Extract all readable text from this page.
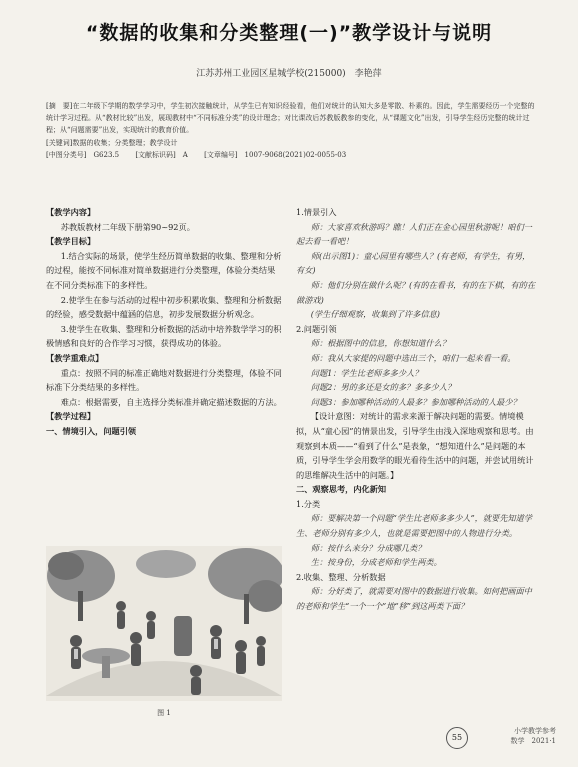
“数据的收集和分类整理(一)”教学设计与说明
江苏苏州工业园区星城学校(215000)　李艳萍

[摘　要]在二年级下学期的数学学习中，学生初次接触统计，从学生已有知识经验看，他们对统计的认知大多是零散、朴素的。因此，学生需要经历一个完整的统计学习过程。从“教材比较”出发，展现教材中“不同标准分类”的设计理念；对比课改后苏教版教参的变化，从“课题文化”出发，引导学生经历完整的统计过程；从“问题需要”出发，实现统计的教育价值。

[关键词]数据的收集；分类整理；教学设计

[中图分类号]　G623.5 [文献标识码]　A [文章编号]　1007-9068(2021)02-0055-03

【教学内容】

苏教版教材二年级下册第90~92页。

【教学目标】

1.结合实际的场景，使学生经历简单数据的收集、整理和分析的过程，能按不同标准对简单数据进行分类整理，体验分类结果在不同分类标准下的多样性。

2.使学生在参与活动的过程中初步积累收集、整理和分析数据的经验，感受数据中蕴涵的信息，初步发展数据分析观念。

3.使学生在收集、整理和分析数据的活动中培养数学学习的积极情感和良好的合作学习习惯，获得成功的体验。

【教学重难点】

重点：按照不同的标准正确地对数据进行分类整理，体验不同标准下分类结果的多样性。

难点：根据需要，自主选择分类标准并确定描述数据的方法。

【教学过程】

一、情境引入，问题引领

图 1

1.情景引入

师：大家喜欢秋游吗？瞧！人们正在金心园里秋游呢！咱们一起去看一看吧！

师(出示图1)：童心园里有哪些人？(有老师，有学生，有男，有女)

师：他们分别在做什么呢？(有的在看书，有的在下棋，有的在做游戏)

(学生仔细观察，收集到了许多信息)

2.问题引领

师：根据图中的信息，你想知道什么？

师：我从大家提的问题中选出三个，咱们一起来看一看。

问题1：学生比老师多多少人？

问题2：男的多还是女的多？多多少人？

问题3：参加哪种活动的人最多？参加哪种活动的人最少？

【设计意图：对统计的需求来源于解决问题的需要。情境模拟，从“童心园”的情景出发，引导学生由浅入深地观察和思考。由观察到本质——“看到了什么”是表象，“想知道什么”是问题的本质，引导学生学会用数学的眼光看待生活中的问题，并尝试用统计的思维解决生活中的问题。】

二、观察思考，内化新知

1.分类

师：要解决第一个问题“学生比老师多多少人”，就要先知道学生、老师分别有多少人，也就是需要把图中的人物进行分类。

师：按什么来分？分成哪几类？

生：按身份，分成老师和学生两类。

2.收集、整理、分析数据

师：分好类了，就需要对图中的数据进行收集。如何把画面中的老师和学生“一个一个”地“移”到这两类下面？

55
小学教学参考
数学　2021·1
